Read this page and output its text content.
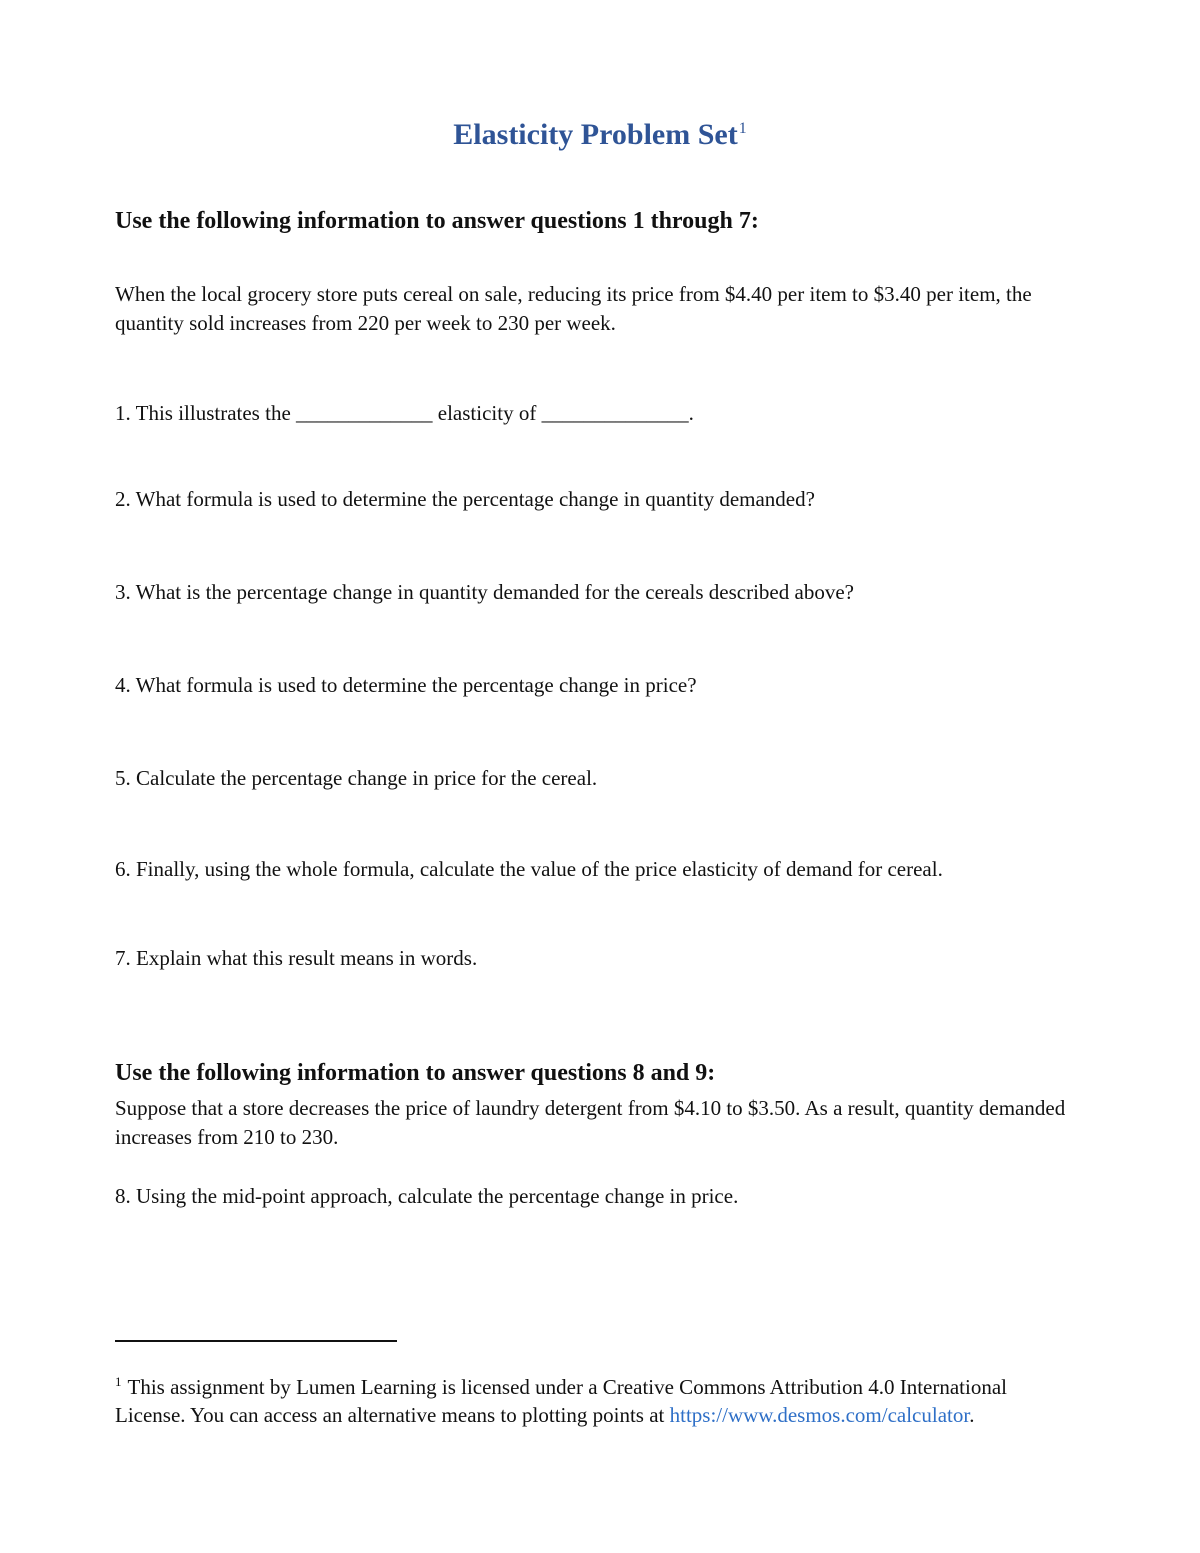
Elasticity Problem Set$^1$
Use the following information to answer questions 1 through 7:

When the local grocery store puts cereal on sale, reducing its price from $4.40 per item to $3.40 per item, the quantity sold increases from 220 per week to 230 per week.

1. This illustrates the _____________ elasticity of ______________.

2. What formula is used to determine the percentage change in quantity demanded?

3. What is the percentage change in quantity demanded for the cereals described above?

4. What formula is used to determine the percentage change in price?

5. Calculate the percentage change in price for the cereal.

6. Finally, using the whole formula, calculate the value of the price elasticity of demand for cereal.

7. Explain what this result means in words.

Use the following information to answer questions 8 and 9:

Suppose that a store decreases the price of laundry detergent from $4.10 to $3.50. As a result, quantity demanded increases from 210 to 230.

8. Using the mid-point approach, calculate the percentage change in price.

$^1$ This assignment by Lumen Learning is licensed under a Creative Commons Attribution 4.0 International License. You can access an alternative means to plotting points at https://www.desmos.com/calculator.
